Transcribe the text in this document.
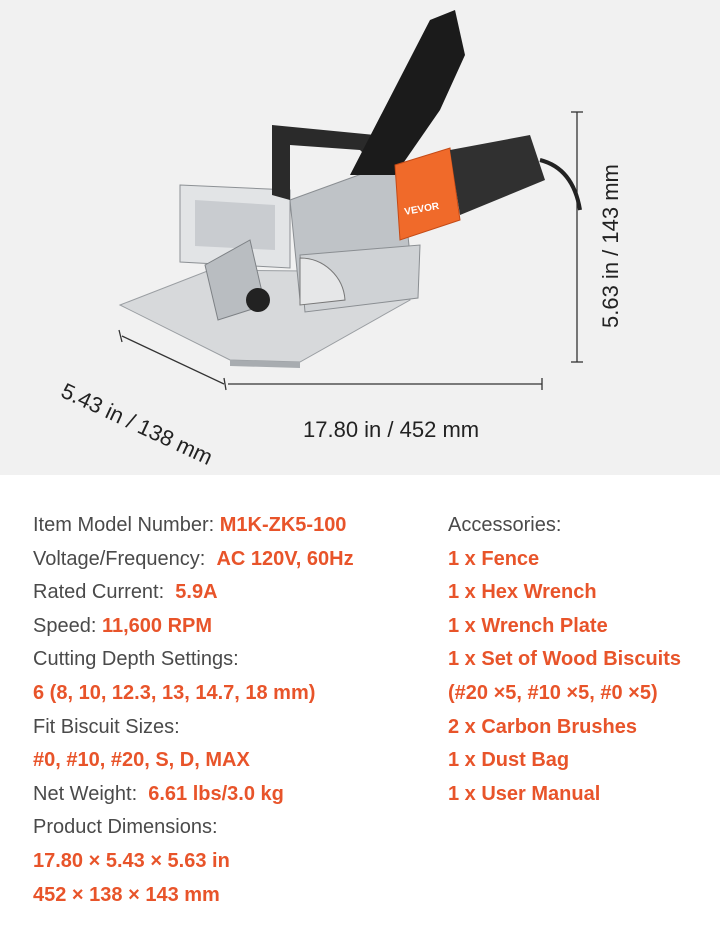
VEVOR
5.43 in / 138 mm	17.80 in / 452 mm
5.63 in / 143 mm
Item Model Number: M1K-ZK5-100
Voltage/Frequency: AC 120V, 60Hz
Rated Current: 5.9A
Speed: 11,600 RPM
Cutting Depth Settings:
6 (8, 10, 12.3, 13, 14.7, 18 mm)
Fit Biscuit Sizes:
#0, #10, #20, S, D, MAX
Net Weight: 6.61 lbs/3.0 kg
Product Dimensions:
17.80 × 5.43 × 5.63 in
452 × 138 × 143 mm
Accessories:
1 x Fence
1 x Hex Wrench
1 x Wrench Plate
1 x Set of Wood Biscuits
(#20 ×5, #10 ×5, #0 ×5)
2 x Carbon Brushes
1 x Dust Bag
1 x User Manual
